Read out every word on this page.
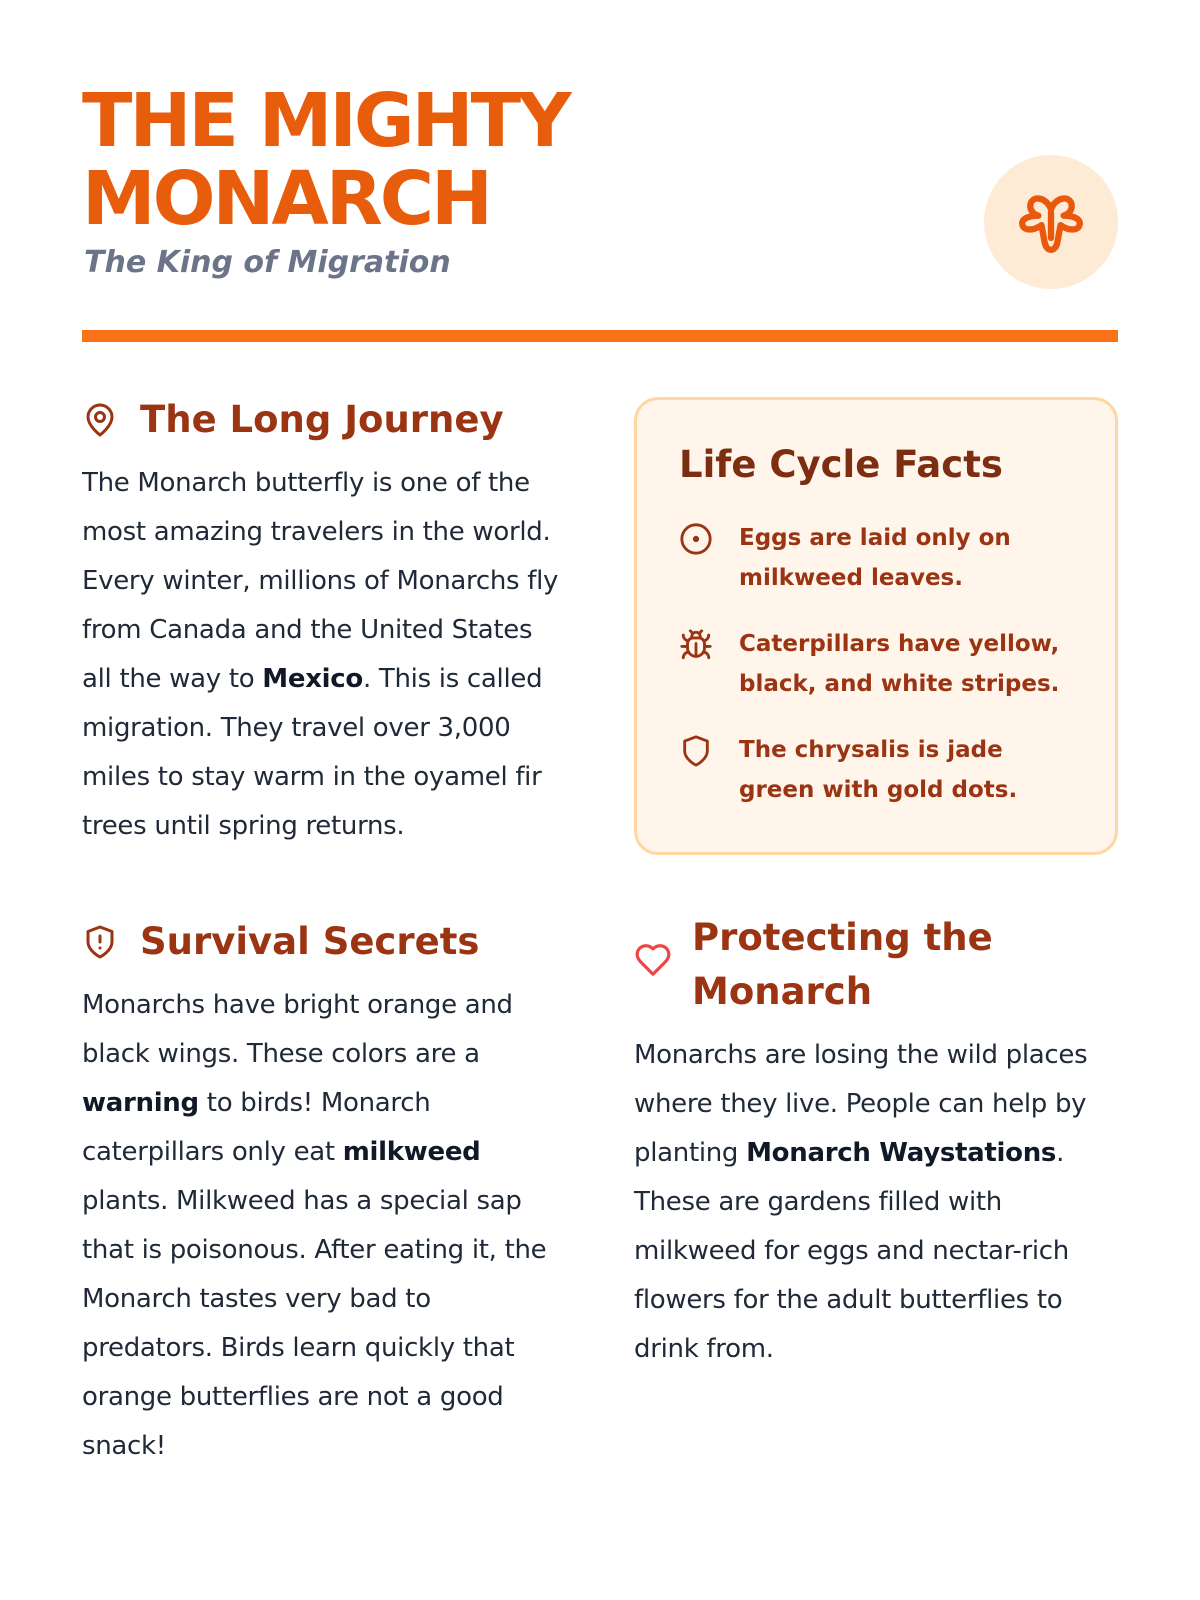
THE MIGHTY
MONARCH

The King of Migration

The Long Journey

The Monarch butterfly is one of the most amazing travelers in the world. Every winter, millions of Monarchs fly from Canada and the United States all the way to Mexico. This is called migration. They travel over 3,000 miles to stay warm in the oyamel fir trees until spring returns.

Survival Secrets

Monarchs have bright orange and black wings. These colors are a warning to birds! Monarch caterpillars only eat milkweed plants. Milkweed has a special sap that is poisonous. After eating it, the Monarch tastes very bad to predators. Birds learn quickly that orange butterflies are not a good snack!

Life Cycle Facts

Eggs are laid only on milkweed leaves.

Caterpillars have yellow, black, and white stripes.

The chrysalis is jade green with gold dots.

Protecting the
Monarch

Monarchs are losing the wild places where they live. People can help by planting Monarch Waystations. These are gardens filled with milkweed for eggs and nectar-rich flowers for the adult butterflies to drink from.
